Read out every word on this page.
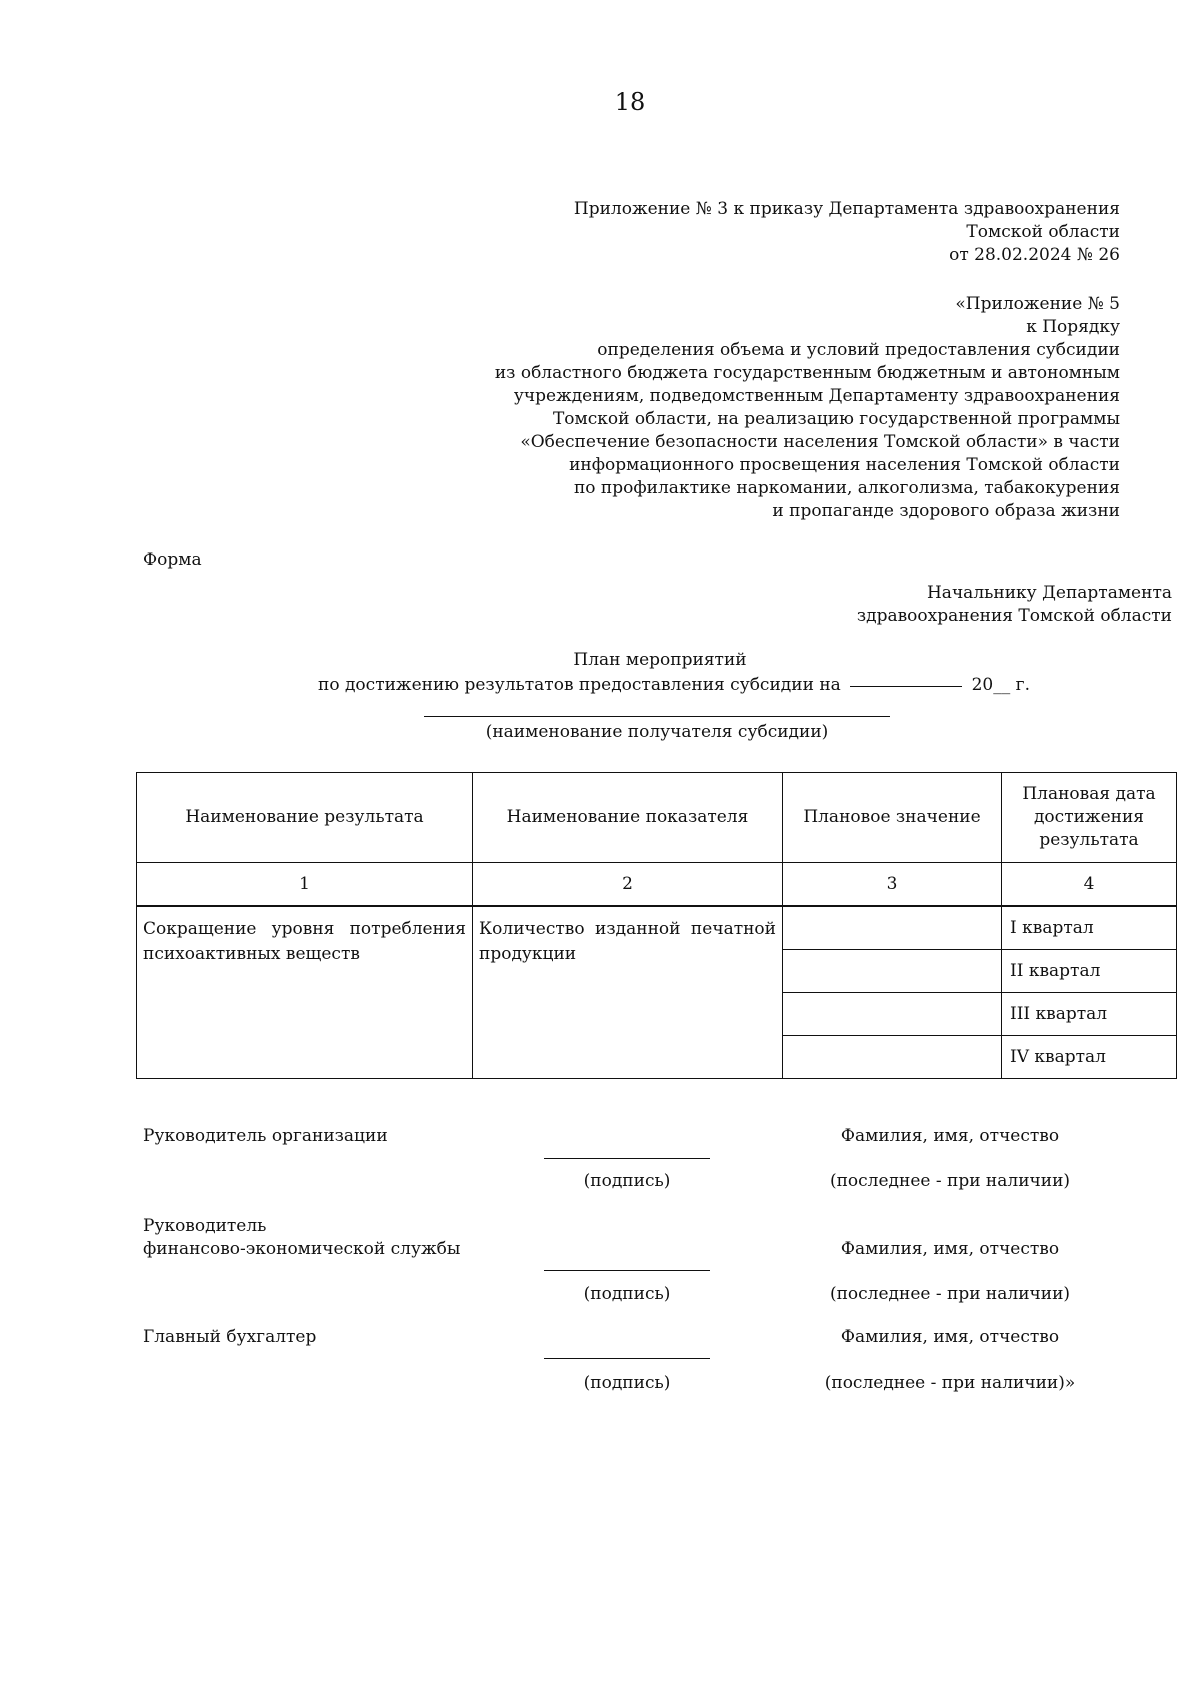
18
Приложение № 3 к приказу Департамента здравоохранения
Томской области
от 28.02.2024 № 26
«Приложение № 5
к Порядку
определения объема и условий предоставления субсидии
из областного бюджета государственным бюджетным и автономным
учреждениям, подведомственным Департаменту здравоохранения
Томской области, на реализацию государственной программы
«Обеспечение безопасности населения Томской области» в части
информационного просвещения населения Томской области
по профилактике наркомании, алкоголизма, табакокурения
и пропаганде здорового образа жизни
Форма
Начальнику Департамента
здравоохранения Томской области
План мероприятий
по достижению результатов предоставления субсидии на	20__ г.
(наименование получателя субсидии)
Наименование результата	Наименование показателя	Плановое значение	Плановая дата достижения результата
1	2	3	4
Сокращение уровня потребления психоактивных веществ	Количество изданной печатной продукции		I квартал
			II квартал
			III квартал
			IV квартал
Руководитель организации
(подпись)
Фамилия, имя, отчество
(последнее - при наличии)
Руководитель
финансово-экономической службы
(подпись)
Фамилия, имя, отчество
(последнее - при наличии)
Главный бухгалтер
(подпись)
Фамилия, имя, отчество
(последнее - при наличии)»
